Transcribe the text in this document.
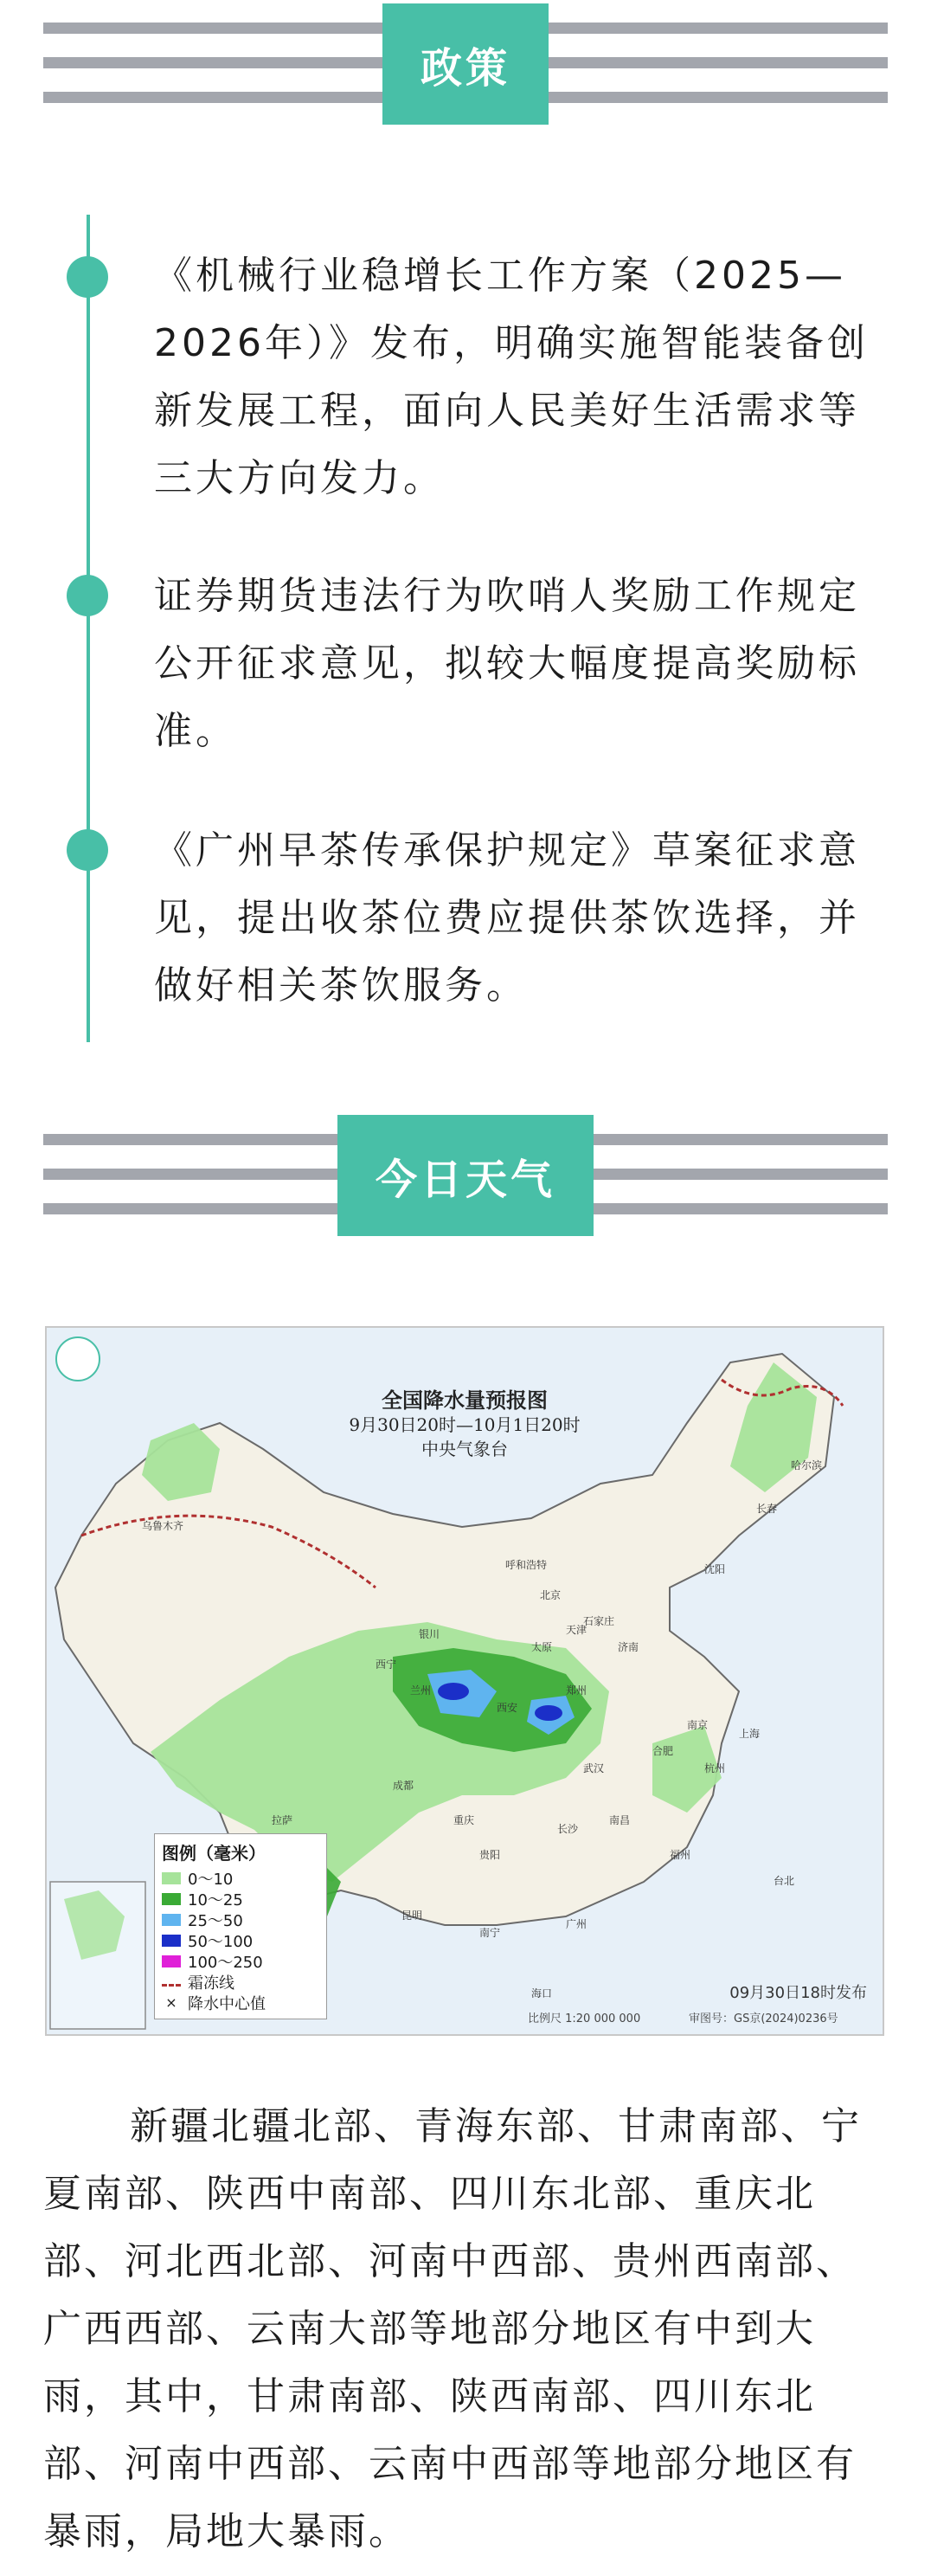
政策
《机械行业稳增长工作方案（2025—2026年）》发布，明确实施智能装备创新发展工程，面向人民美好生活需求等三大方向发力。
证券期货违法行为吹哨人奖励工作规定公开征求意见，拟较大幅度提高奖励标准。
《广州早茶传承保护规定》草案征求意见，提出收茶位费应提供茶饮选择，并做好相关茶饮服务。
今日天气
全国降水量预报图
9月30日20时—10月1日20时
中央气象台
图例（毫米）
0～10
10～25
25～50
50～100
100～250
霜冻线
× 降水中心值
乌鲁木齐
北京
天津
银川
西宁
兰州
西安
郑州
济南
成都
重庆
贵阳
昆明
长沙
南昌
杭州
上海
南京
合肥
武汉
福州
台北
广州
南宁
海口
拉萨
呼和浩特
石家庄
太原
沈阳
长春
哈尔滨
09月30日18时发布
比例尺 1:20 000 000	审图号：GS京(2024)0236号
新疆北疆北部、青海东部、甘肃南部、宁夏南部、陕西中南部、四川东北部、重庆北部、河北西北部、河南中西部、贵州西南部、广西西部、云南大部等地部分地区有中到大雨，其中，甘肃南部、陕西南部、四川东北部、河南中西部、云南中西部等地部分地区有暴雨，局地大暴雨。
